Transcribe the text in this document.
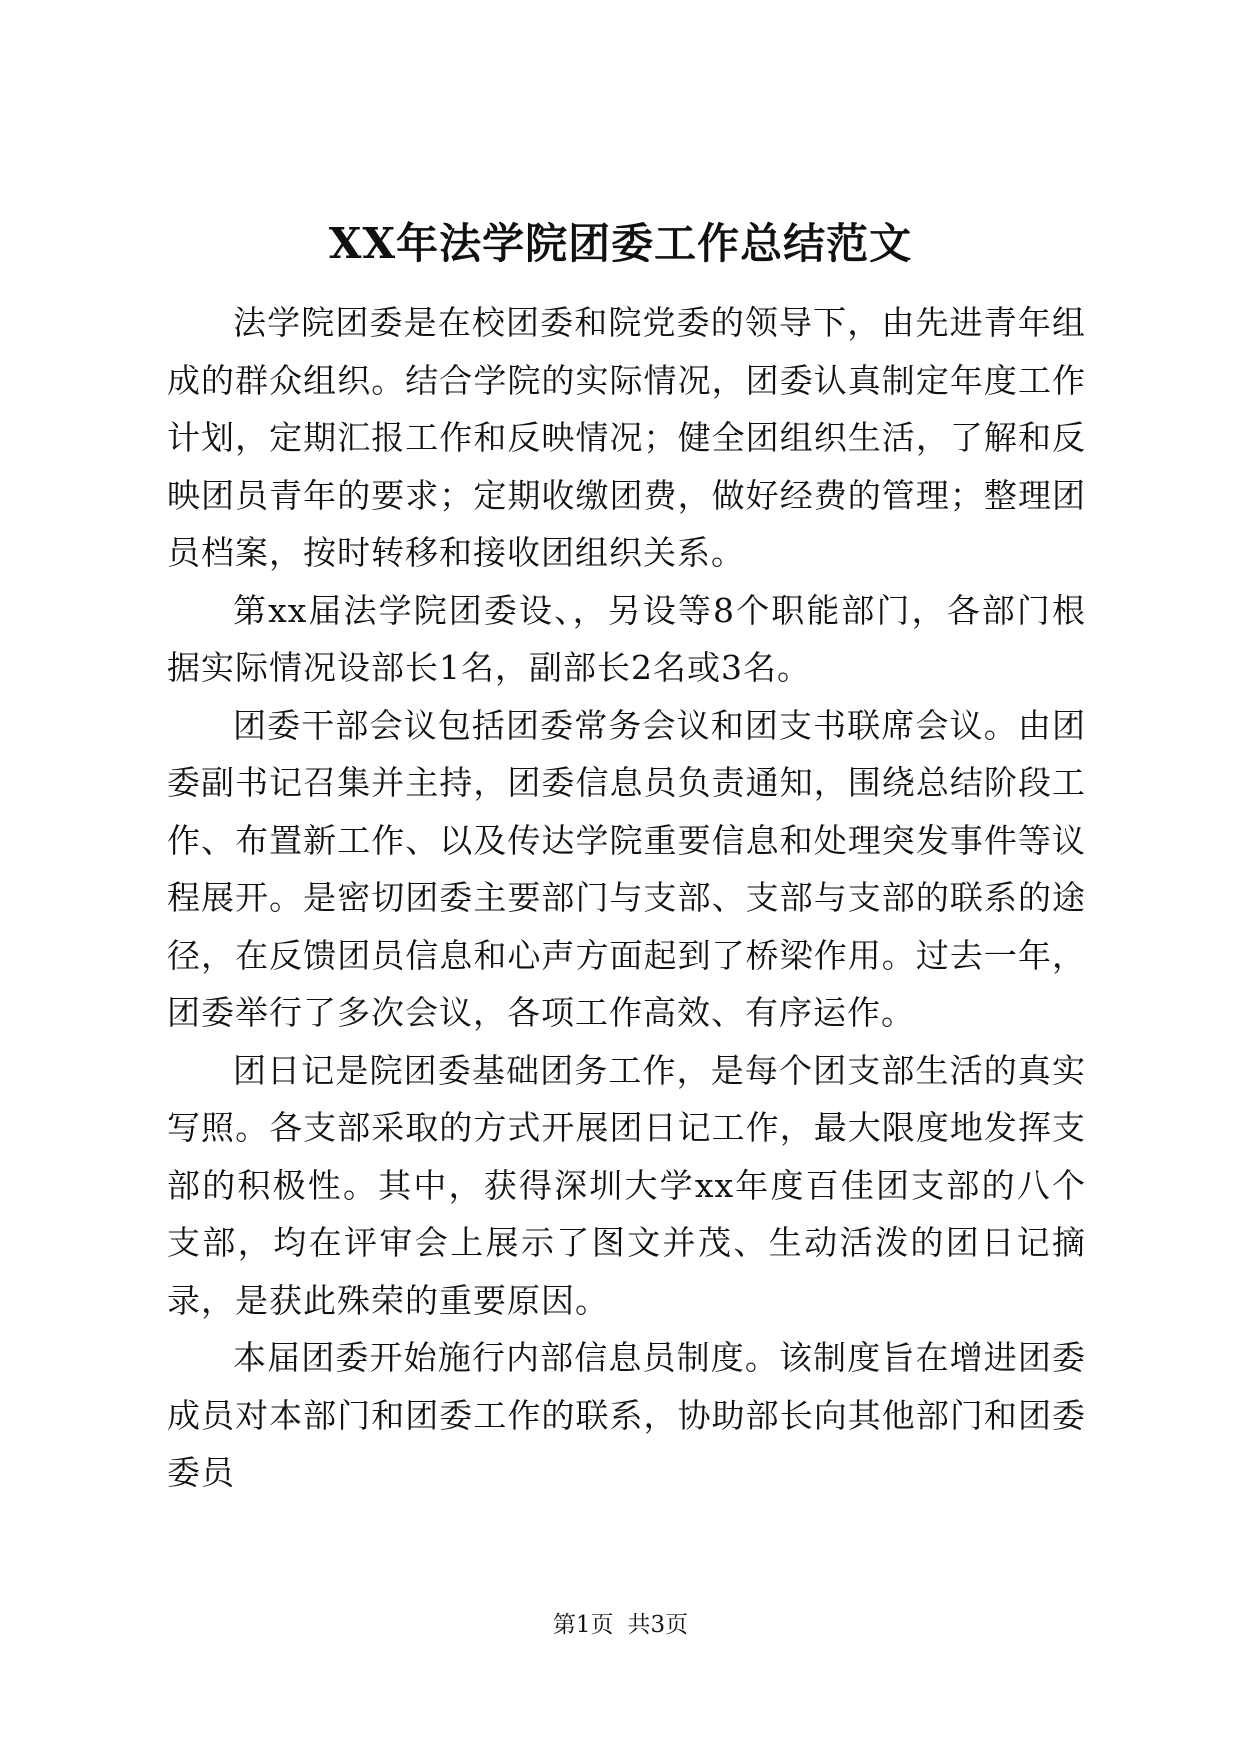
XX年法学院团委工作总结范文

法学院团委是在校团委和院党委的领导下，由先进青年组成的群众组织。结合学院的实际情况，团委认真制定年度工作计划，定期汇报工作和反映情况；健全团组织生活，了解和反映团员青年的要求；定期收缴团费，做好经费的管理；整理团员档案，按时转移和接收团组织关系。

第xx届法学院团委设、，另设等8个职能部门，各部门根据实际情况设部长1名，副部长2名或3名。

团委干部会议包括团委常务会议和团支书联席会议。由团委副书记召集并主持，团委信息员负责通知，围绕总结阶段工作、布置新工作、以及传达学院重要信息和处理突发事件等议程展开。是密切团委主要部门与支部、支部与支部的联系的途径，在反馈团员信息和心声方面起到了桥梁作用。过去一年，团委举行了多次会议，各项工作高效、有序运作。

团日记是院团委基础团务工作，是每个团支部生活的真实写照。各支部采取的方式开展团日记工作，最大限度地发挥支部的积极性。其中，获得深圳大学xx年度百佳团支部的八个支部，均在评审会上展示了图文并茂、生动活泼的团日记摘录，是获此殊荣的重要原因。

本届团委开始施行内部信息员制度。该制度旨在增进团委成员对本部门和团委工作的联系，协助部长向其他部门和团委委员

第1页 共3页
